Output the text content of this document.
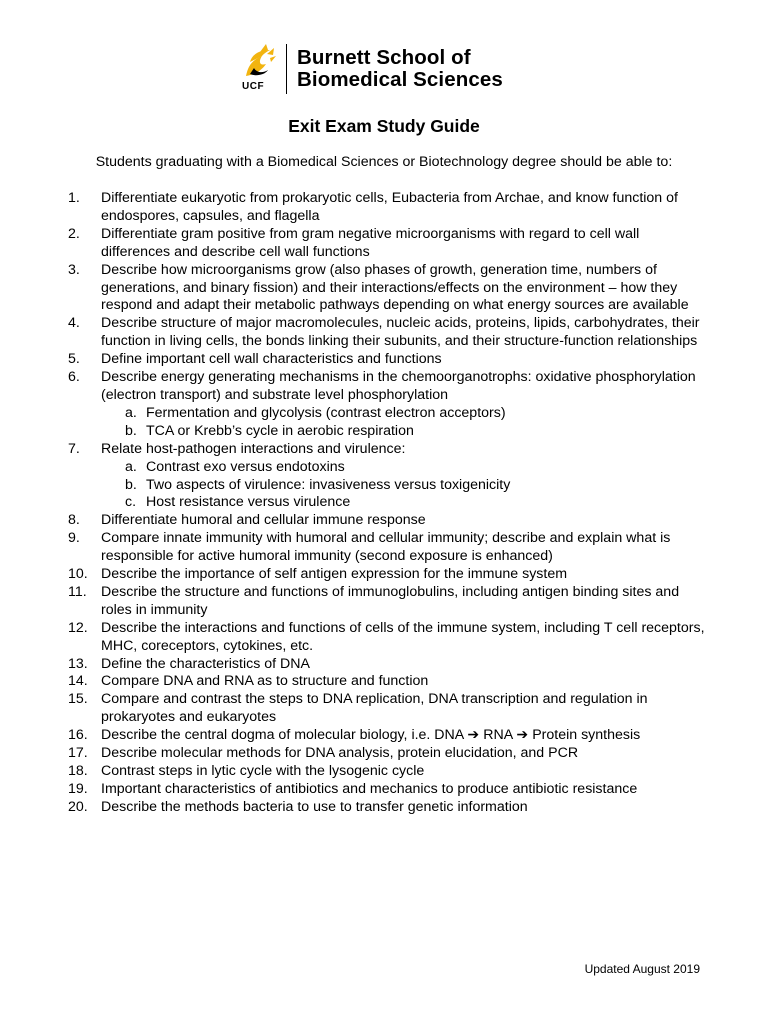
UCF
Burnett School of
Biomedical Sciences
Exit Exam Study Guide
Students graduating with a Biomedical Sciences or Biotechnology degree should be able to:
1. Differentiate eukaryotic from prokaryotic cells, Eubacteria from Archae, and know function of endospores, capsules, and flagella
2. Differentiate gram positive from gram negative microorganisms with regard to cell wall differences and describe cell wall functions
3. Describe how microorganisms grow (also phases of growth, generation time, numbers of generations, and binary fission) and their interactions/effects on the environment – how they respond and adapt their metabolic pathways depending on what energy sources are available
4. Describe structure of major macromolecules, nucleic acids, proteins, lipids, carbohydrates, their function in living cells, the bonds linking their subunits, and their structure-function relationships
5. Define important cell wall characteristics and functions
6. Describe energy generating mechanisms in the chemoorganotrophs: oxidative phosphorylation (electron transport) and substrate level phosphorylation
a. Fermentation and glycolysis (contrast electron acceptors)
b. TCA or Krebb’s cycle in aerobic respiration
7. Relate host-pathogen interactions and virulence:
a. Contrast exo versus endotoxins
b. Two aspects of virulence: invasiveness versus toxigenicity
c. Host resistance versus virulence
8. Differentiate humoral and cellular immune response
9. Compare innate immunity with humoral and cellular immunity; describe and explain what is responsible for active humoral immunity (second exposure is enhanced)
10. Describe the importance of self antigen expression for the immune system
11. Describe the structure and functions of immunoglobulins, including antigen binding sites and roles in immunity
12. Describe the interactions and functions of cells of the immune system, including T cell receptors, MHC, coreceptors, cytokines, etc.
13. Define the characteristics of DNA
14. Compare DNA and RNA as to structure and function
15. Compare and contrast the steps to DNA replication, DNA transcription and regulation in prokaryotes and eukaryotes
16. Describe the central dogma of molecular biology, i.e. DNA ➔ RNA ➔ Protein synthesis
17. Describe molecular methods for DNA analysis, protein elucidation, and PCR
18. Contrast steps in lytic cycle with the lysogenic cycle
19. Important characteristics of antibiotics and mechanics to produce antibiotic resistance
20. Describe the methods bacteria to use to transfer genetic information
Updated August 2019
